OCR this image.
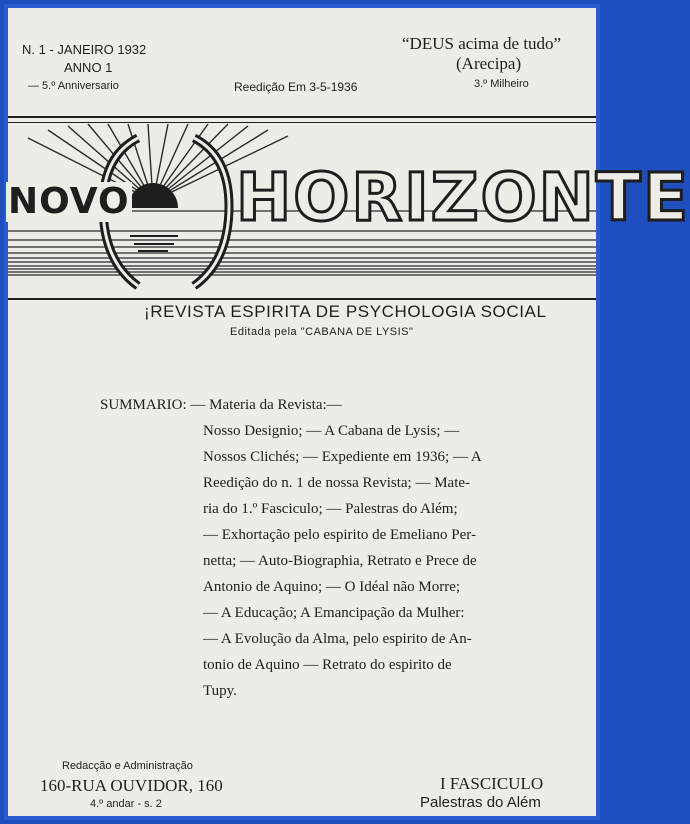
N. 1 - JANEIRO 1932
ANNO 1
— 5.º Anniversario	Reedição Em 3-5-1936
“DEUS acima de tudo”
(Arecipa)
3.º Milheiro
NOVO HORIZONTE
¡REVISTA ESPIRITA DE PSYCHOLOGIA SOCIAL
Editada pela "CABANA DE LYSIS"
SUMMARIO: — Materia da Revista:—
Nosso Designio; — A Cabana de Lysis; —
Nossos Clichés; — Expediente em 1936; — A
Reedição do n. 1 de nossa Revista; — Mate-
ria do 1.º Fasciculo; — Palestras do Além;
— Exhortação pelo espirito de Emeliano Per-
netta; — Auto-Biographia, Retrato e Prece de
Antonio de Aquino; — O Idéal não Morre;
— A Educação; A Emancipação da Mulher:
— A Evolução da Alma, pelo espirito de An-
tonio de Aquino — Retrato do espirito de
Tupy.
Redacção e Administração
160-RUA OUVIDOR, 160
4.º andar - s. 2
I FASCICULO
Palestras do Além
